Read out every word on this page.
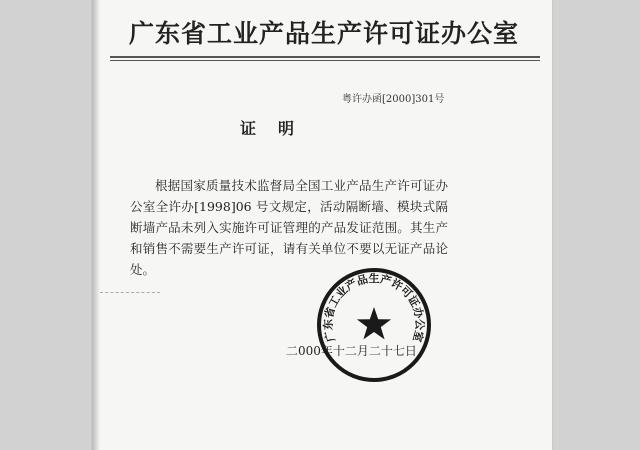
广东省工业产品生产许可证办公室
粤许办函[2000]301号
证明
根据国家质量技术监督局全国工业产品生产许可证办公室全许办[1998]06 号文规定，活动隔断墙、模块式隔断墙产品未列入实施许可证管理的产品发证范围。其生产和销售不需要生产许可证，请有关单位不要以无证产品论处。
二000年十二月二十七日
广东省工业产品生产许可证办公室
